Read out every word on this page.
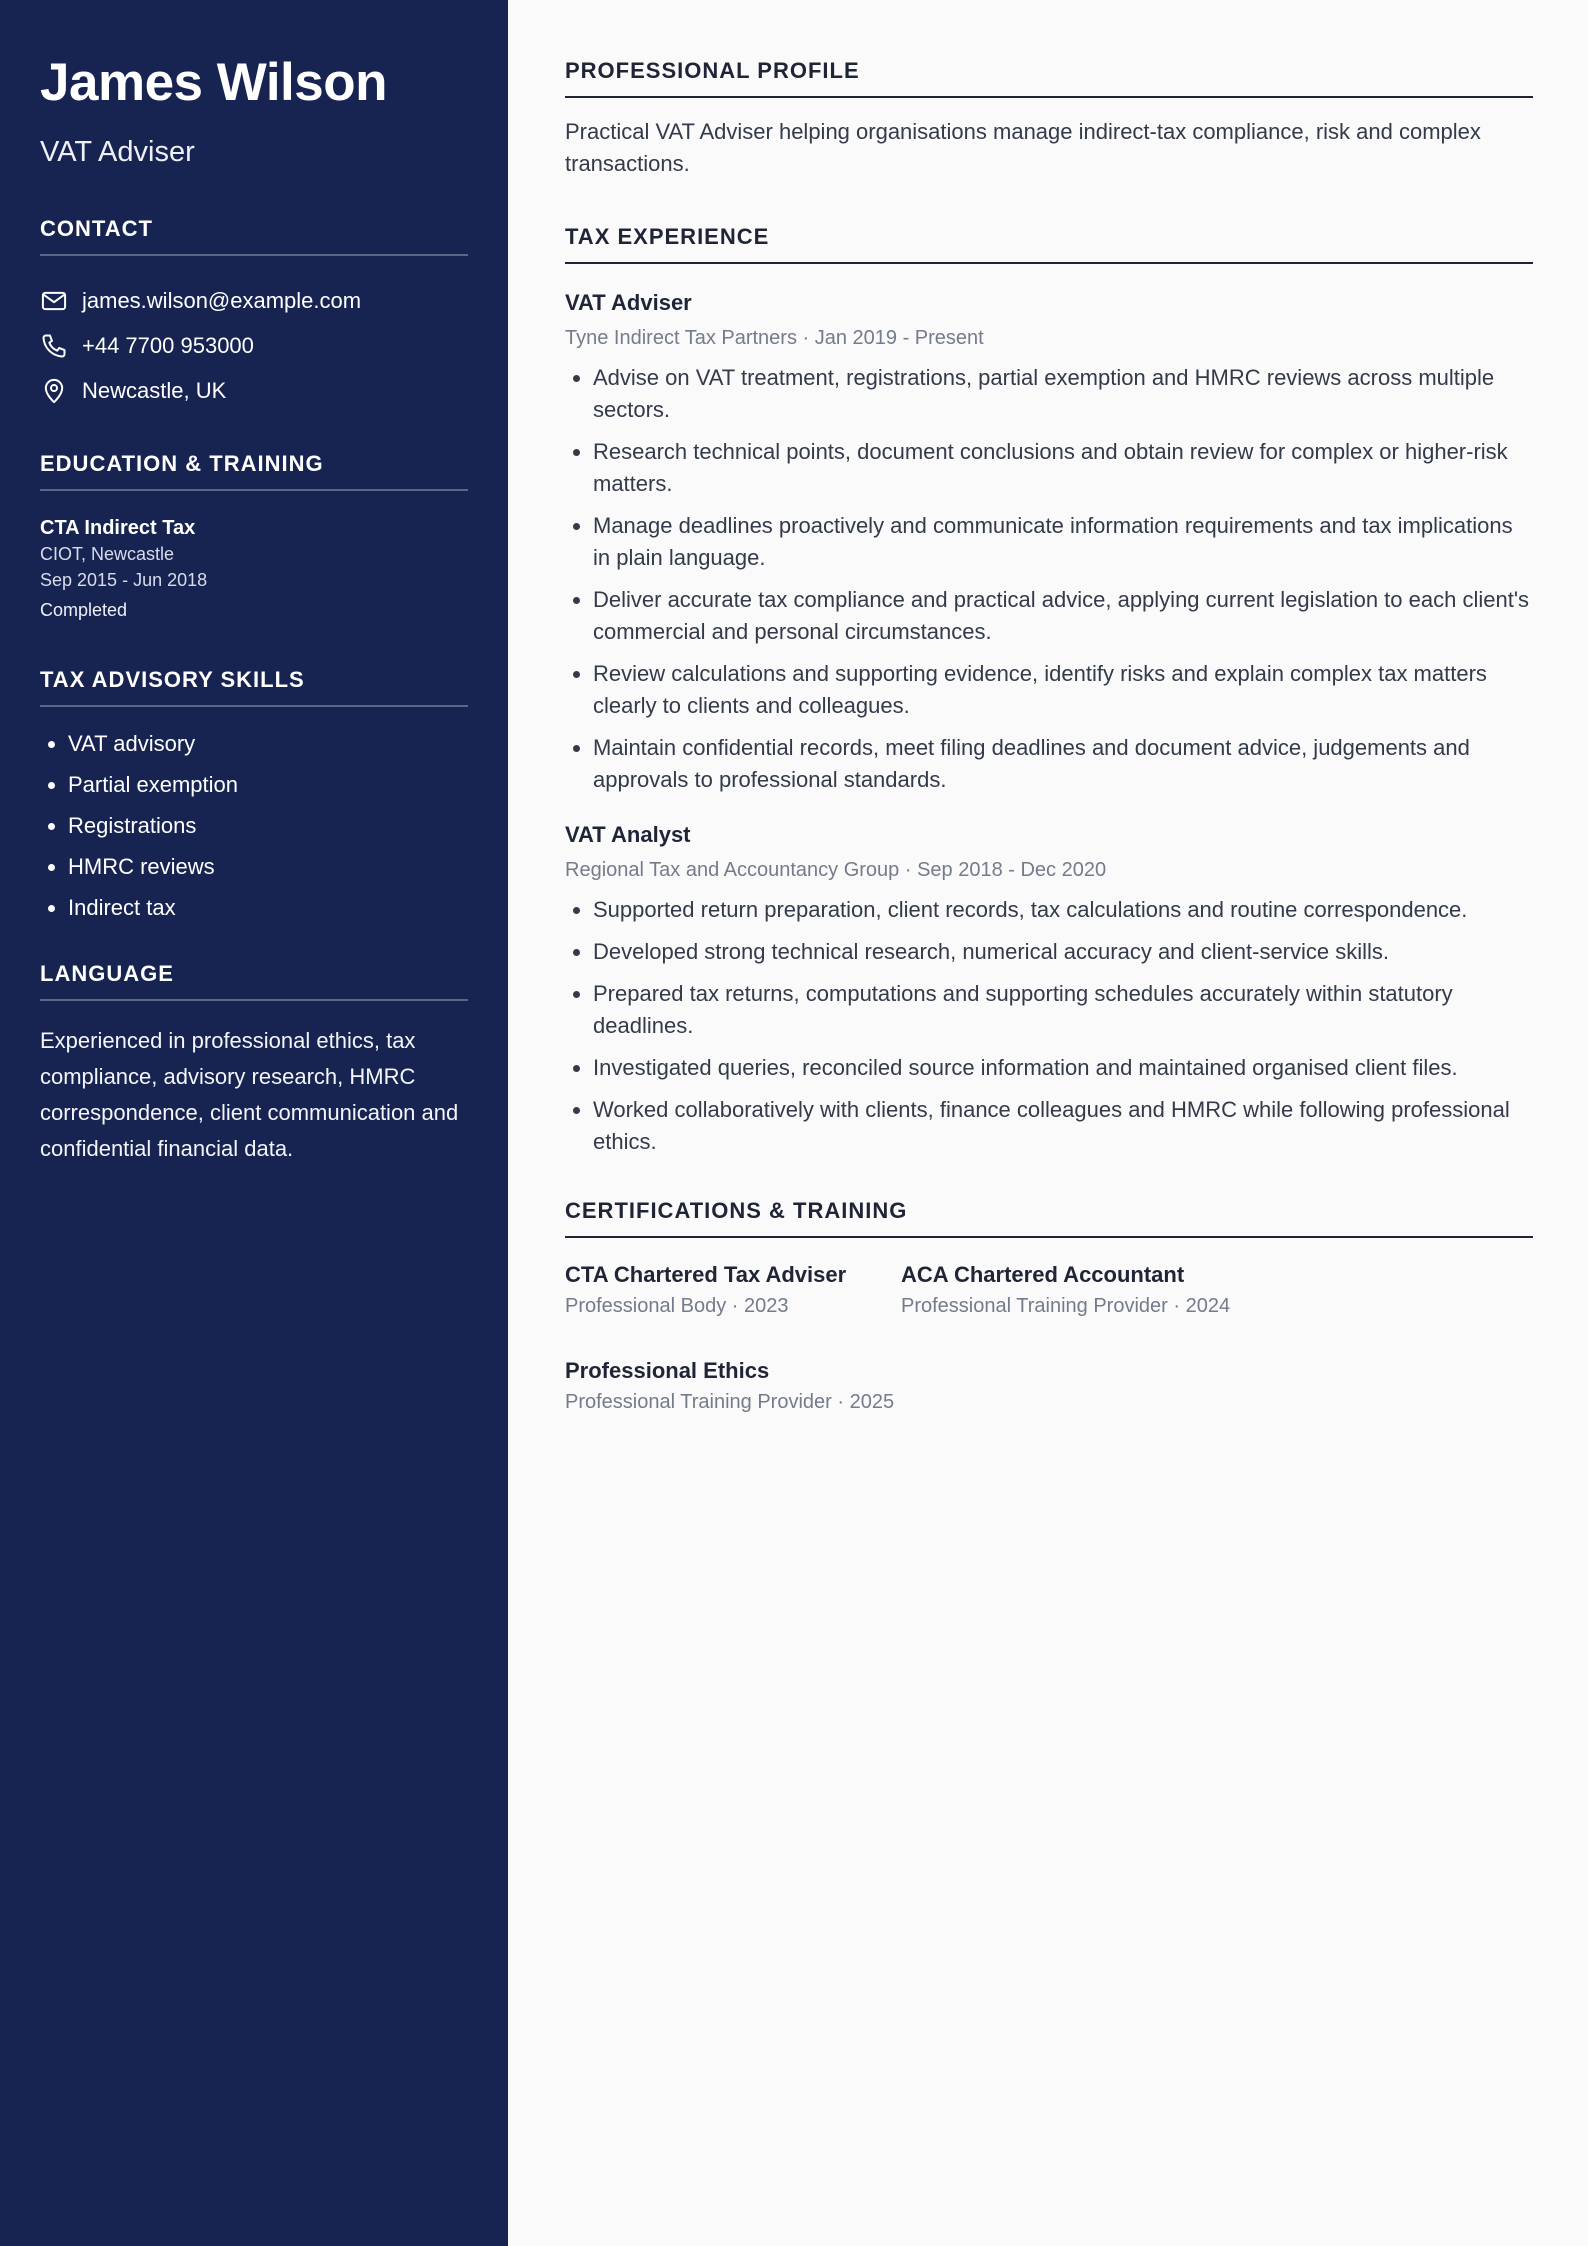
James Wilson
VAT Adviser
CONTACT
james.wilson@example.com
+44 7700 953000
Newcastle, UK
EDUCATION & TRAINING
CTA Indirect Tax
CIOT, Newcastle
Sep 2015 - Jun 2018
Completed
TAX ADVISORY SKILLS
• VAT advisory
• Partial exemption
• Registrations
• HMRC reviews
• Indirect tax
LANGUAGE
Experienced in professional ethics, tax compliance, advisory research, HMRC correspondence, client communication and confidential financial data.
PROFESSIONAL PROFILE
Practical VAT Adviser helping organisations manage indirect-tax compliance, risk and complex transactions.
TAX EXPERIENCE
VAT Adviser
Tyne Indirect Tax Partners · Jan 2019 - Present
• Advise on VAT treatment, registrations, partial exemption and HMRC reviews across multiple sectors.
• Research technical points, document conclusions and obtain review for complex or higher-risk matters.
• Manage deadlines proactively and communicate information requirements and tax implications in plain language.
• Deliver accurate tax compliance and practical advice, applying current legislation to each client's commercial and personal circumstances.
• Review calculations and supporting evidence, identify risks and explain complex tax matters clearly to clients and colleagues.
• Maintain confidential records, meet filing deadlines and document advice, judgements and approvals to professional standards.
VAT Analyst
Regional Tax and Accountancy Group · Sep 2018 - Dec 2020
• Supported return preparation, client records, tax calculations and routine correspondence.
• Developed strong technical research, numerical accuracy and client-service skills.
• Prepared tax returns, computations and supporting schedules accurately within statutory deadlines.
• Investigated queries, reconciled source information and maintained organised client files.
• Worked collaboratively with clients, finance colleagues and HMRC while following professional ethics.
CERTIFICATIONS & TRAINING
CTA Chartered Tax Adviser
Professional Body · 2023
ACA Chartered Accountant
Professional Training Provider · 2024
Professional Ethics
Professional Training Provider · 2025
